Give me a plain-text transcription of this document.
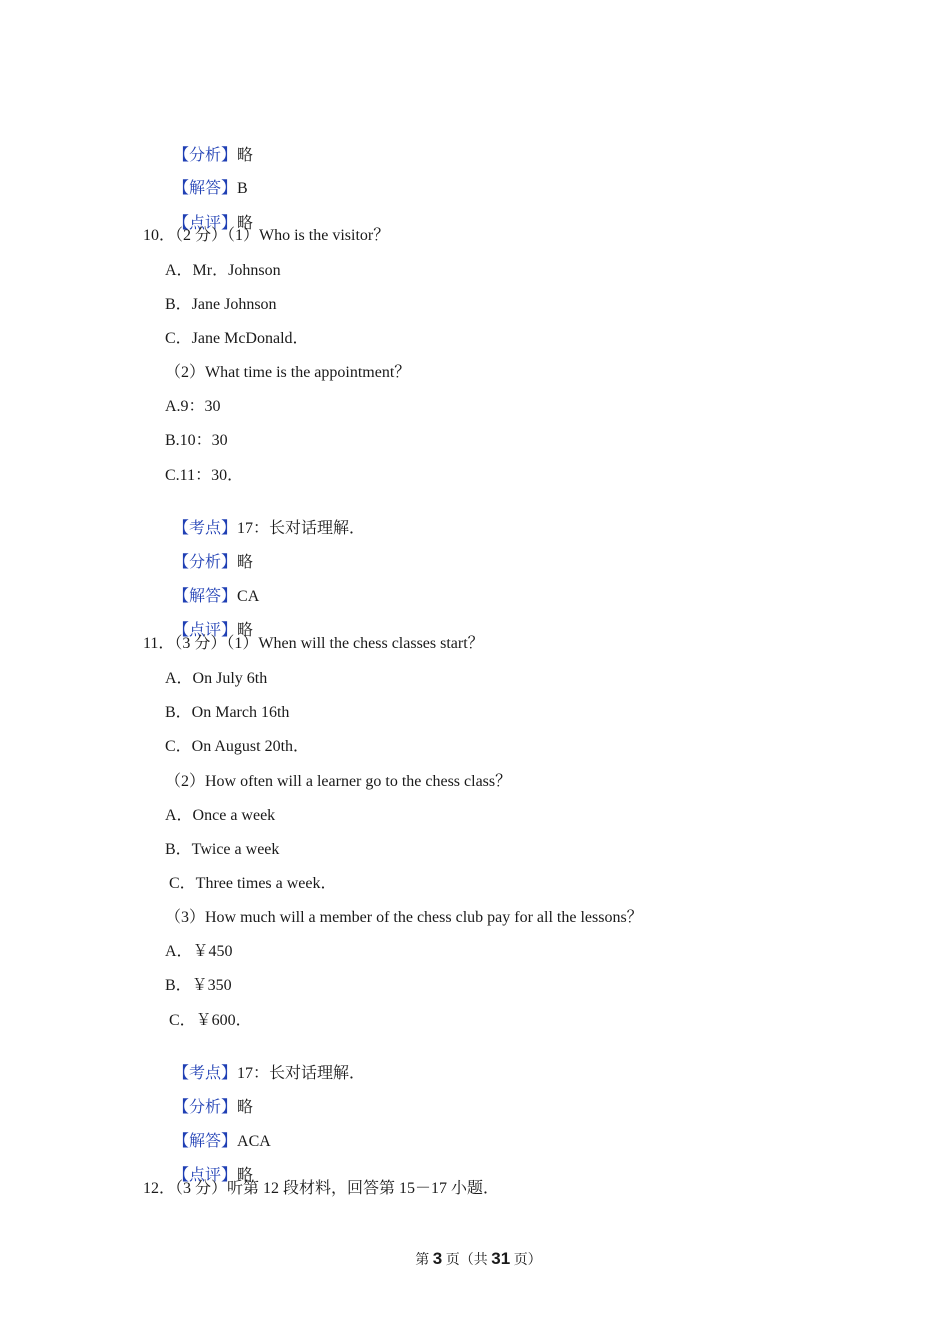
【分析】略

【解答】B

【点评】略

10．（2 分）（1）Who is the visitor？
A．Mr．Johnson
B．Jane Johnson
C．Jane McDonald．
（2）What time is the appointment？
A.9：30
B.10：30
C.11：30．

【考点】17：长对话理解．

【分析】略

【解答】CA

【点评】略

11．（3 分）（1）When will the chess classes start？
A．On July 6th
B．On March 16th
C．On August 20th．
（2）How often will a learner go to the chess class？
A．Once a week
B．Twice a week
C．Three times a week．
（3）How much will a member of the chess club pay for all the lessons？
A．￥450
B．￥350
C．￥600．

【考点】17：长对话理解．

【分析】略

【解答】ACA

【点评】略

12．（3 分）听第 12 段材料，回答第 15－17 小题．

第 3 页（共 31 页）
